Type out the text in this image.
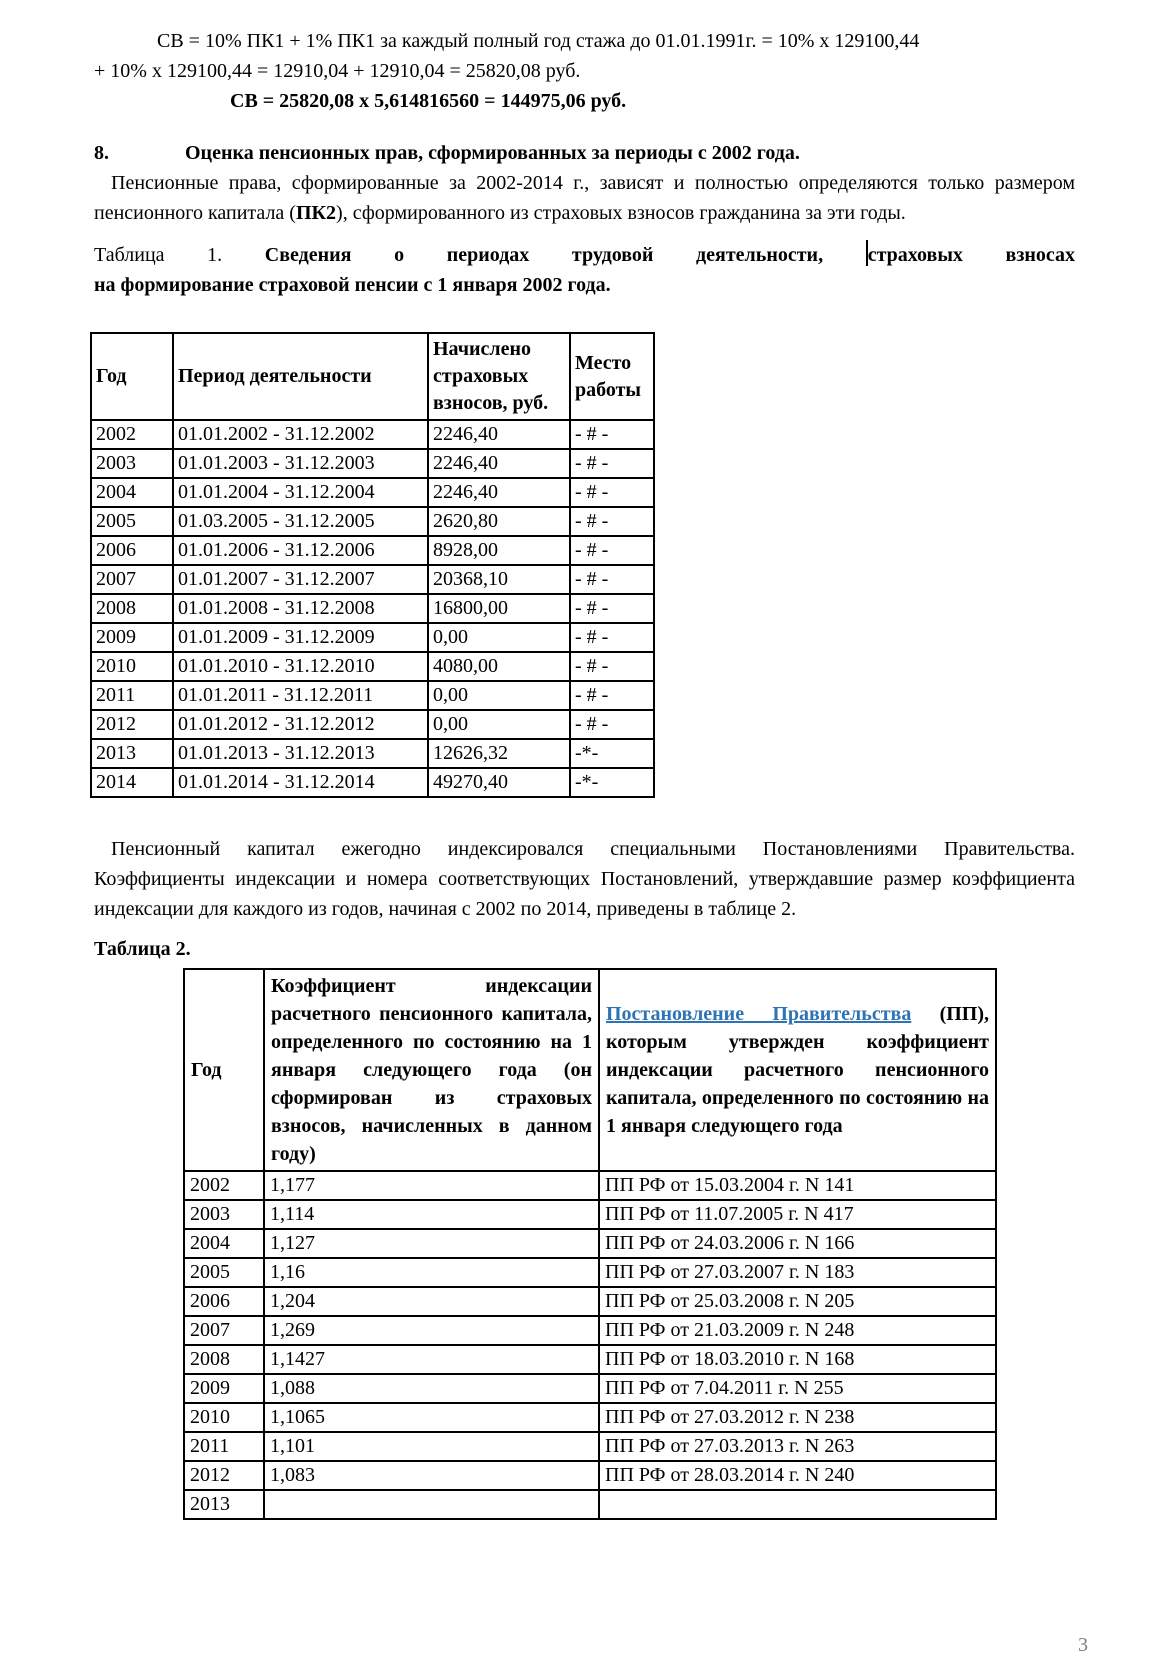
СВ = 10% ПК1 + 1% ПК1 за каждый полный год стажа до 01.01.1991г. = 10% х 129100,44
+ 10% х 129100,44 = 12910,04 + 12910,04 = 25820,08 руб.
СВ = 25820,08 х 5,614816560 = 144975,06 руб.
8.	Оценка пенсионных прав, сформированных за периоды с 2002 года.
Пенсионные права, сформированные за 2002-2014 г., зависят и полностью определяются только размером пенсионного капитала (ПК2), сформированного из страховых взносов гражданина за эти годы.
Таблица 1. Сведения о периодах трудовой деятельности, страховых взносах
на формирование страховой пенсии с 1 января 2002 года.
Год	Период деятельности	Начислено страховых взносов, руб.	Место работы
2002	01.01.2002 - 31.12.2002	2246,40	- # -
2003	01.01.2003 - 31.12.2003	2246,40	- # -
2004	01.01.2004 - 31.12.2004	2246,40	- # -
2005	01.03.2005 - 31.12.2005	2620,80	- # -
2006	01.01.2006 - 31.12.2006	8928,00	- # -
2007	01.01.2007 - 31.12.2007	20368,10	- # -
2008	01.01.2008 - 31.12.2008	16800,00	- # -
2009	01.01.2009 - 31.12.2009	0,00	- # -
2010	01.01.2010 - 31.12.2010	4080,00	- # -
2011	01.01.2011 - 31.12.2011	0,00	- # -
2012	01.01.2012 - 31.12.2012	0,00	- # -
2013	01.01.2013 - 31.12.2013	12626,32	-*-
2014	01.01.2014 - 31.12.2014	49270,40	-*-
Пенсионный капитал ежегодно индексировался специальными Постановлениями Правительства. Коэффициенты индексации и номера соответствующих Постановлений, утверждавшие размер коэффициента индексации для каждого из годов, начиная с 2002 по 2014, приведены в таблице 2.
Таблица 2.
Год	Коэффициент индексации расчетного пенсионного капитала, определенного по состоянию на 1 января следующего года (он сформирован из страховых взносов, начисленных в данном году)	Постановление Правительства (ПП), которым утвержден коэффициент индексации расчетного пенсионного капитала, определенного по состоянию на 1 января следующего года
2002	1,177	ПП РФ от 15.03.2004 г. N 141
2003	1,114	ПП РФ от 11.07.2005 г. N 417
2004	1,127	ПП РФ от 24.03.2006 г. N 166
2005	1,16	ПП РФ от 27.03.2007 г. N 183
2006	1,204	ПП РФ от 25.03.2008 г. N 205
2007	1,269	ПП РФ от 21.03.2009 г. N 248
2008	1,1427	ПП РФ от 18.03.2010 г. N 168
2009	1,088	ПП РФ от 7.04.2011 г. N 255
2010	1,1065	ПП РФ от 27.03.2012 г. N 238
2011	1,101	ПП РФ от 27.03.2013 г. N 263
2012	1,083	ПП РФ от 28.03.2014 г. N 240
2013		
3
